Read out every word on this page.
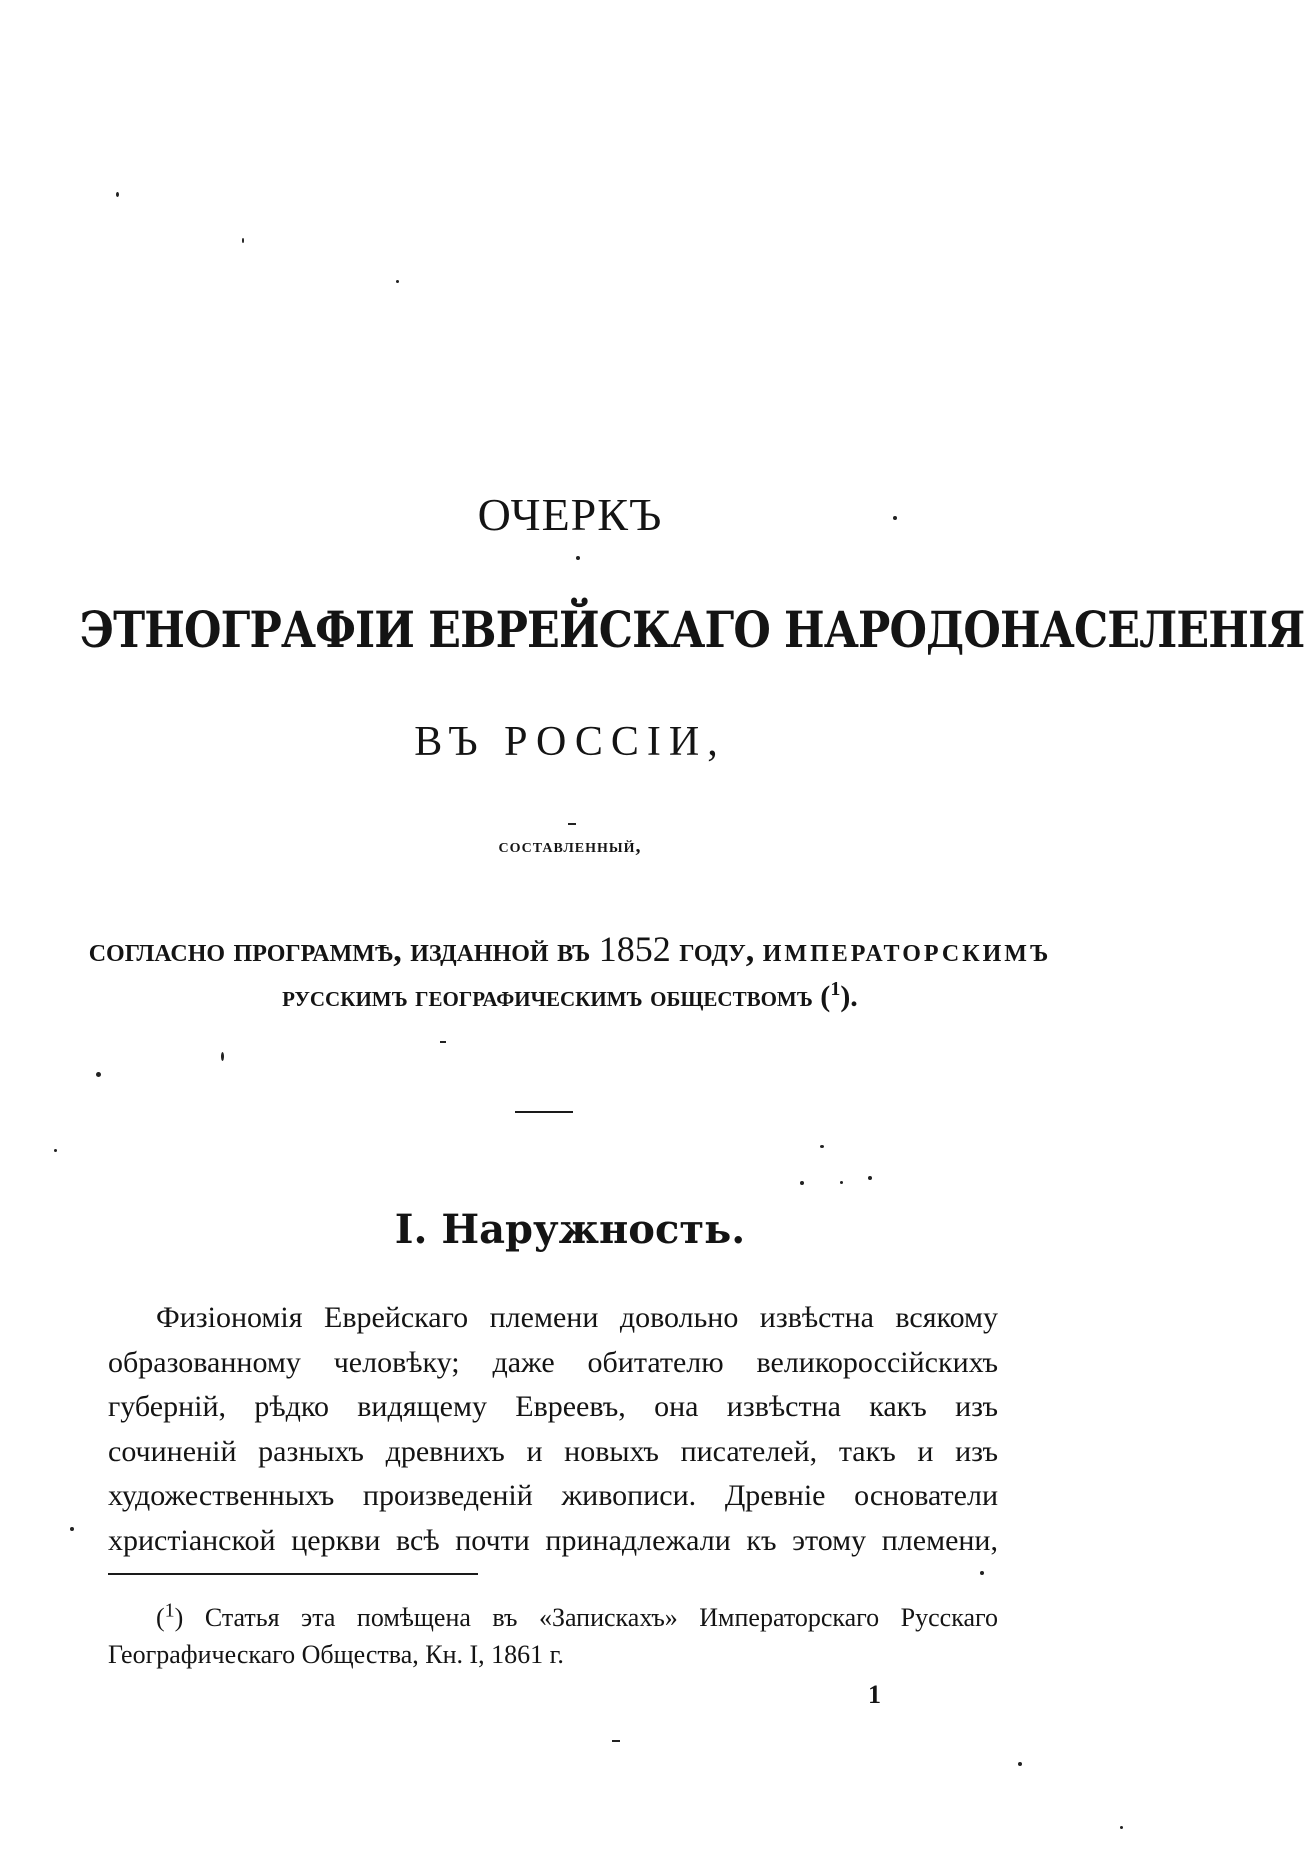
ОЧЕРКЪ
ЭТНОГРАФІИ ЕВРЕЙСКАГО НАРОДОНАСЕЛЕНІЯ
ВЪ РОССІИ,
составленный,
согласно программѣ, изданной въ 1852 году, императорскимъ
русскимъ географическимъ обществомъ ($^1$).
I. Наружность.
Физіономія Еврейскаго племени довольно извѣстна всякому
образованному человѣку; даже обитателю великороссійскихъ
губерній, рѣдко видящему Евреевъ, она извѣстна какъ изъ
сочиненій разныхъ древнихъ и новыхъ писателей, такъ и изъ
художественныхъ произведеній живописи. Древніе основатели
христіанской церкви всѣ почти принадлежали къ этому племени,
($^1$) Статья эта помѣщена въ «Запискахъ» Императорскаго Русскаго
Географическаго Общества, Кн. I, 1861 г.
1
